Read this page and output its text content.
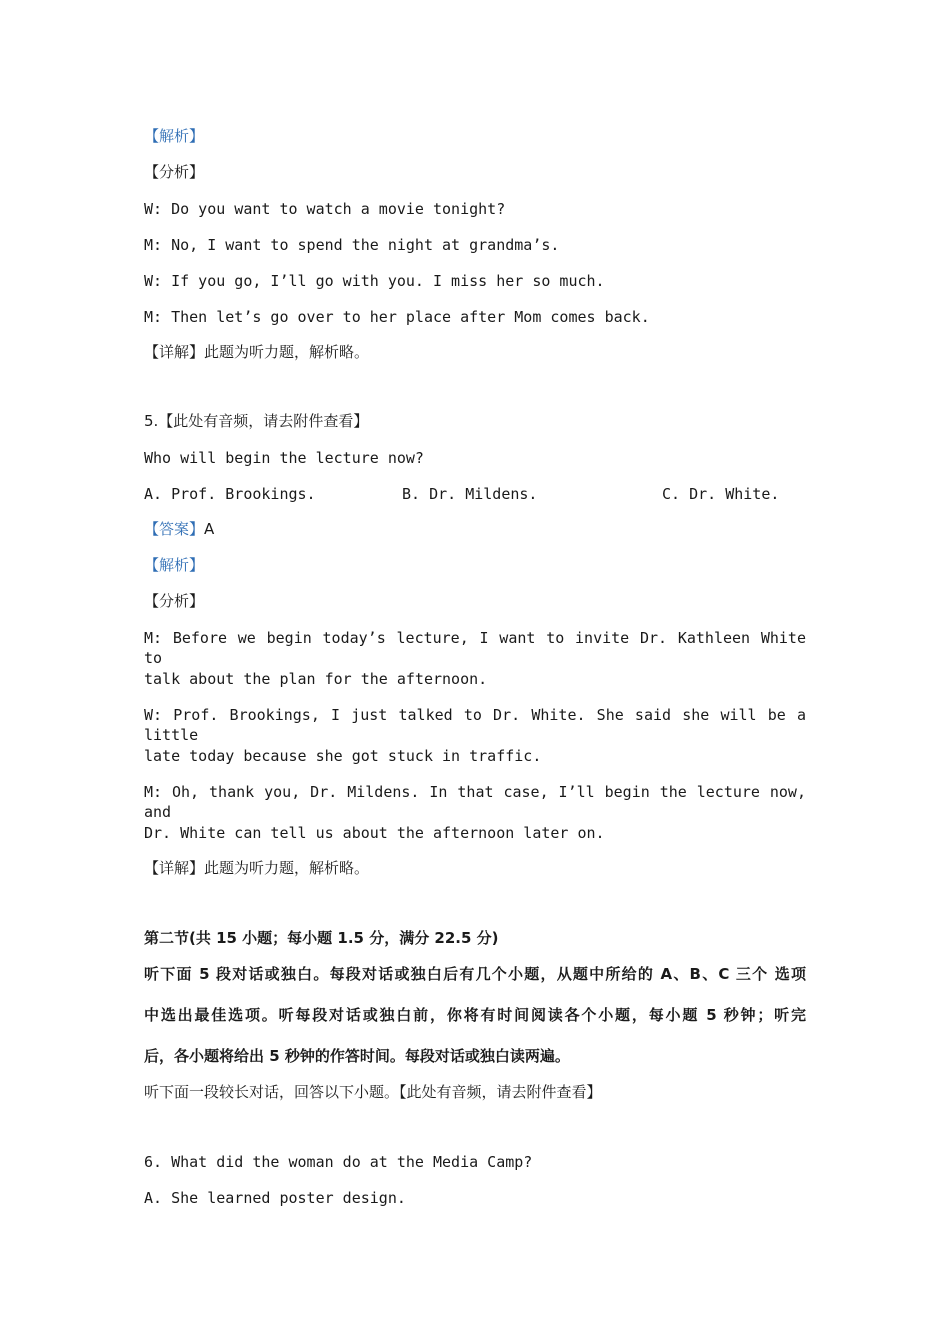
【解析】
【分析】
W: Do you want to watch a movie tonight?
M: No, I want to spend the night at grandma’s.
W: If you go, I’ll go with you. I miss her so much.
M: Then let’s go over to her place after Mom comes back.
【详解】此题为听力题，解析略。
5.【此处有音频，请去附件查看】
Who will begin the lecture now?

A. Prof. Brookings.

	B. Dr. Mildens.

	C. Dr. White.

【答案】A
【解析】
【分析】
M: Before we begin today’s lecture, I want to invite Dr. Kathleen White to
talk about the plan for the afternoon.
W: Prof. Brookings, I just talked to Dr. White. She said she will be a little
late today because she got stuck in traffic.
M: Oh, thank you, Dr. Mildens. In that case, I’ll begin the lecture now, and
Dr. White can tell us about the afternoon later on.
【详解】此题为听力题，解析略。
第二节(共 15 小题；每小题 1.5 分，满分 22.5 分)
听下面 5 段对话或独白。每段对话或独白后有几个小题，从题中所给的 A、B、C 三个 选项
中选出最佳选项。听每段对话或独白前，你将有时间阅读各个小题，每小题 5 秒钟；听完
后，各小题将给出 5 秒钟的作答时间。每段对话或独白读两遍。
听下面一段较长对话，回答以下小题。【此处有音频，请去附件查看】
6. What did the woman do at the Media Camp?
A. She learned poster design.
